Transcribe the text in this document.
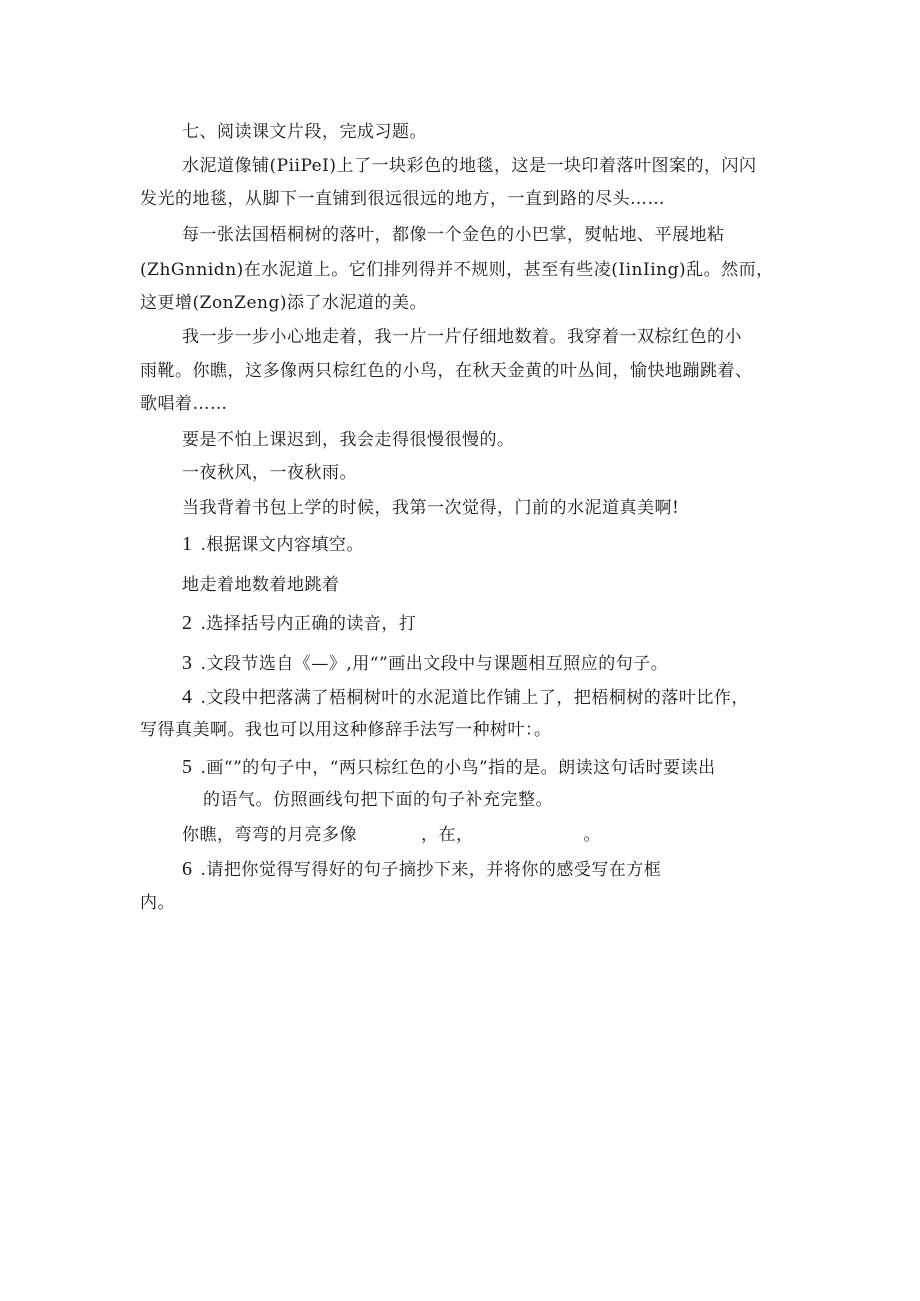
七、阅读课文片段，完成习题。
水泥道像铺(PiiPeI)上了一块彩色的地毯，这是一块印着落叶图案的，闪闪
发光的地毯，从脚下一直铺到很远很远的地方，一直到路的尽头……
每一张法国梧桐树的落叶，都像一个金色的小巴掌，熨帖地、平展地粘
(ZhGnnidn)在水泥道上。它们排列得并不规则，甚至有些凌(IinIing)乱。然而，
这更增(ZonZeng)添了水泥道的美。
我一步一步小心地走着，我一片一片仔细地数着。我穿着一双棕红色的小
雨靴。你瞧，这多像两只棕红色的小鸟，在秋天金黄的叶丛间，愉快地蹦跳着、
歌唱着……
要是不怕上课迟到，我会走得很慢很慢的。
一夜秋风，一夜秋雨。
当我背着书包上学的时候，我第一次觉得，门前的水泥道真美啊!
1 .根据课文内容填空。
地走着地数着地跳着
2 .选择括号内正确的读音，打
3 .文段节选自《—》,用“”画出文段中与课题相互照应的句子。
4 .文段中把落满了梧桐树叶的水泥道比作铺上了，把梧桐树的落叶比作，
写得真美啊。我也可以用这种修辞手法写一种树叶：。
5 .画“”的句子中，“两只棕红色的小鸟”指的是。朗读这句话时要读出
的语气。仿照画线句把下面的句子补充完整。
你瞧，弯弯的月亮多像	，在，	。
6 .请把你觉得写得好的句子摘抄下来，并将你的感受写在方框
内。
